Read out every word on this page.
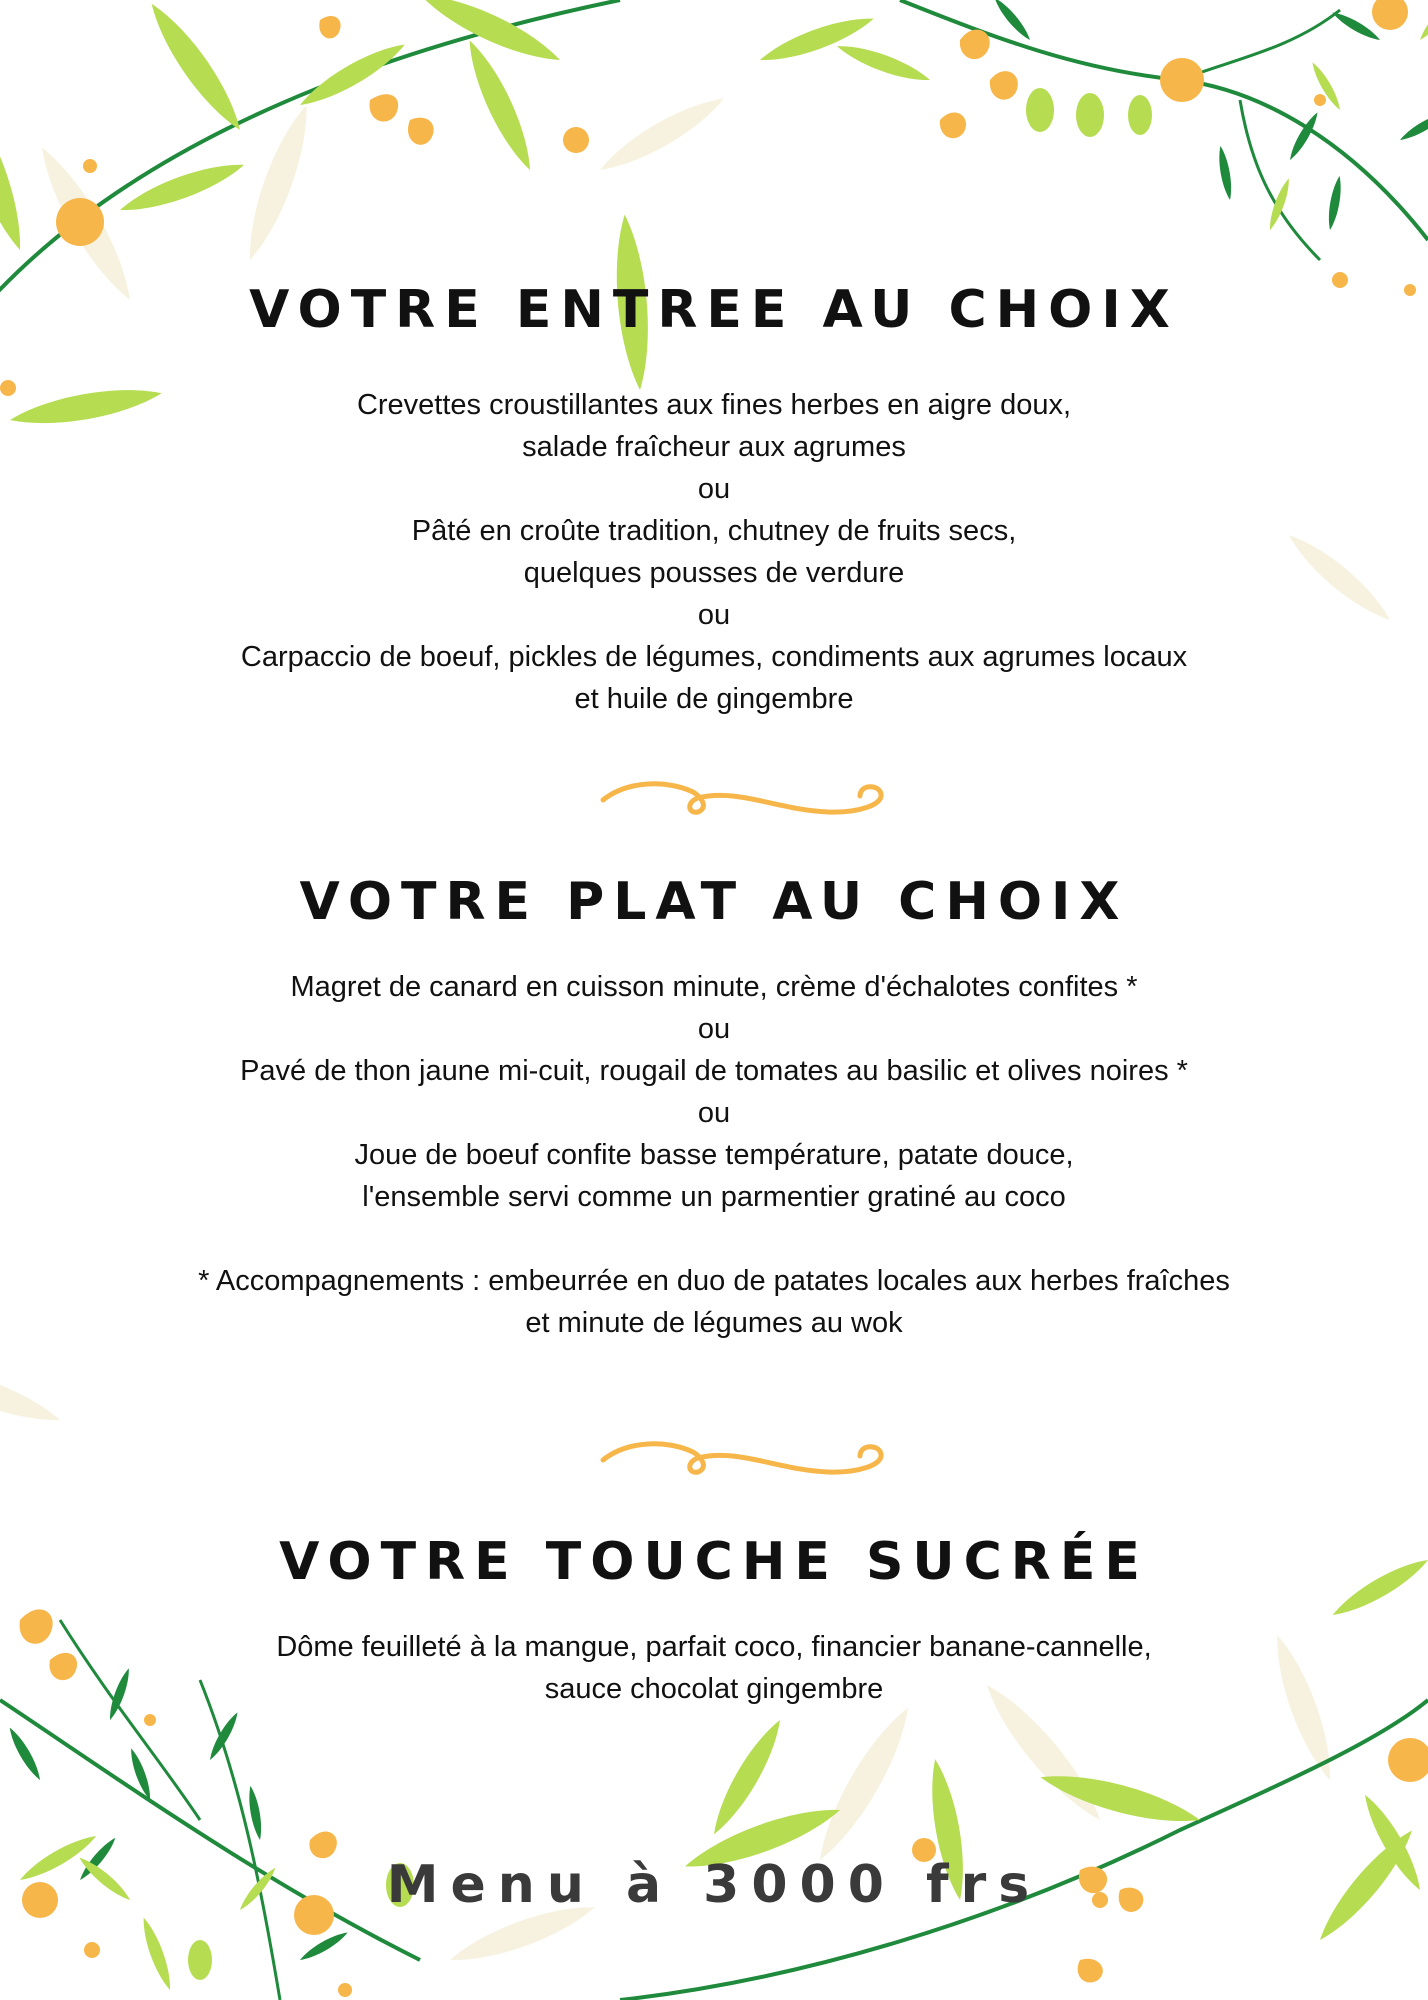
VOTRE ENTREE AU CHOIX
Crevettes croustillantes aux fines herbes en aigre doux,
salade fraîcheur aux agrumes
ou
Pâté en croûte tradition, chutney de fruits secs,
quelques pousses de verdure
ou
Carpaccio de boeuf, pickles de légumes, condiments aux agrumes locaux
et huile de gingembre
VOTRE PLAT AU CHOIX
Magret de canard en cuisson minute, crème d'échalotes confites *
ou
Pavé de thon jaune mi-cuit, rougail de tomates au basilic et olives noires *
ou
Joue de boeuf confite basse température, patate douce,
l'ensemble servi comme un parmentier gratiné au coco
* Accompagnements : embeurrée en duo de patates locales aux herbes fraîches
et minute de légumes au wok
VOTRE TOUCHE SUCRÉE
Dôme feuilleté à la mangue, parfait coco, financier banane-cannelle,
sauce chocolat gingembre
Menu à 3000 frs
